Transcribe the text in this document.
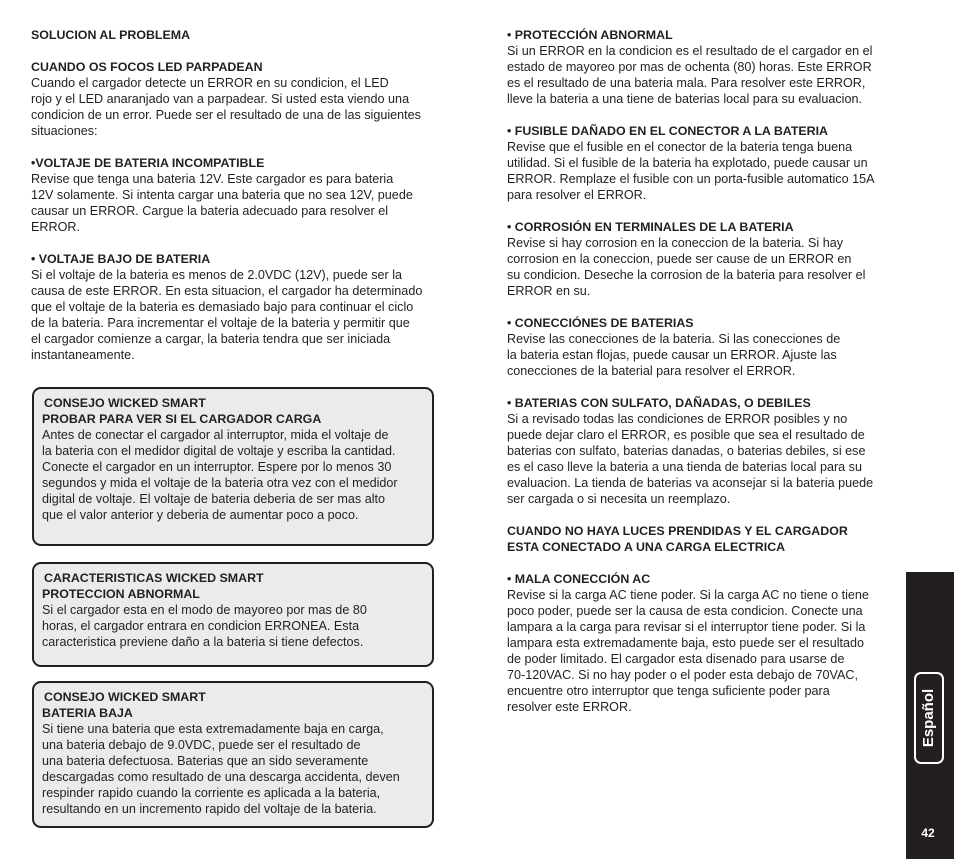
SOLUCION AL PROBLEMA
CUANDO OS FOCOS LED PARPADEAN

Cuando el cargador detecte un ERROR en su condicion, el LED

rojo y el LED anaranjado van a parpadear. Si usted esta viendo una

condicion de un error. Puede ser el resultado de una de las siguientes

situaciones:

•VOLTAJE DE BATERIA INCOMPATIBLE

Revise que tenga una bateria 12V. Este cargador es para bateria

12V solamente. Si intenta cargar una bateria que no sea 12V, puede

causar un ERROR. Cargue la bateria adecuado para resolver el

ERROR.

• VOLTAJE BAJO DE BATERIA

Si el voltaje de la bateria es menos de 2.0VDC (12V), puede ser la

causa de este ERROR. En esta situacion, el cargador ha determinado

que el voltaje de la bateria es demasiado bajo para continuar el ciclo

de la bateria. Para incrementar el voltaje de la bateria y permitir que

el cargador comienze a cargar, la bateria tendra que ser iniciada

instantaneamente.

CONSEJO WICKED SMART
PROBAR PARA VER SI EL CARGADOR CARGA

Antes de conectar el cargador al interruptor, mida el voltaje de

la bateria con el medidor digital de voltaje y escriba la cantidad.

Conecte el cargador en un interruptor. Espere por lo menos 30

segundos y mida el voltaje de la bateria otra vez con el medidor

digital de voltaje. El voltaje de bateria deberia de ser mas alto

que el valor anterior y deberia de aumentar poco a poco.

CARACTERISTICAS WICKED SMART
PROTECCION ABNORMAL

Si el cargador esta en el modo de mayoreo por mas de 80

horas, el cargador entrara en condicion ERRONEA. Esta

caracteristica previene daño a la bateria si tiene defectos.

CONSEJO WICKED SMART
BATERIA BAJA

Si tiene una bateria que esta extremadamente baja en carga,

una bateria debajo de 9.0VDC, puede ser el resultado de

una bateria defectuosa. Baterias que an sido severamente

descargadas como resultado de una descarga accidenta, deven

respinder rapido cuando la corriente es aplicada a la bateria,

resultando en un incremento rapido del voltaje de la bateria.

• PROTECCIÓN ABNORMAL

Si un ERROR en la condicion es el resultado de el cargador en el

estado de mayoreo por mas de ochenta (80) horas. Este ERROR

es el resultado de una bateria mala. Para resolver este ERROR,

llevе la bateria a una tiene de baterias local para su evaluacion.

• FUSIBLE DAÑADO EN EL CONECTOR A LA BATERIA

Revise que el fusible en el conector de la bateria tenga buena

utilidad. Si el fusible de la bateria ha explotado, puede causar un

ERROR. Remplaze el fusible con un porta-fusible automatico 15A

para resolver el ERROR.

• CORROSIÓN EN TERMINALES DE LA BATERIA

Revise si hay corrosion en la coneccion de la bateria. Si hay

corrosion en la coneccion, puede ser cause de un ERROR en

su condicion. Deseche la corrosion de la bateria para resolver el

ERROR en su.

• CONECCIÓNES DE BATERIAS

Revise las conecciones de la bateria. Si las conecciones de

la bateria estan flojas, puede causar un ERROR. Ajuste las

conecciones de la baterial para resolver el ERROR.

• BATERIAS CON SULFATO, DAÑADAS, O DEBILES

Si a revisado todas las condiciones de ERROR posibles y no

puede dejar claro el ERROR, es posible que sea el resultado de

baterias con sulfato, baterias danadas, o baterias debiles, si ese

es el caso lleve la bateria a una tienda de baterias local para su

evaluacion. La tienda de baterias va aconsejar si la bateria puede

ser cargada o si necesita un reemplazo.

CUANDO NO HAYA LUCES PRENDIDAS Y EL CARGADOR
ESTA CONECTADO A UNA CARGA ELECTRICA
• MALA CONECCIÓN AC

Revise si la carga AC tiene poder. Si la carga AC no tiene o tiene

poco poder, puede ser la causa de esta condicion. Conecte una

lampara a la carga para revisar si el interruptor tiene poder. Si la

lampara esta extremadamente baja, esto puede ser el resultado

de poder limitado. El cargador esta disenado para usarse de

70-120VAC. Si no hay poder o el poder esta debajo de 70VAC,

encuentre otro interruptor que tenga suficiente poder para

resolver este ERROR.	Español
42
